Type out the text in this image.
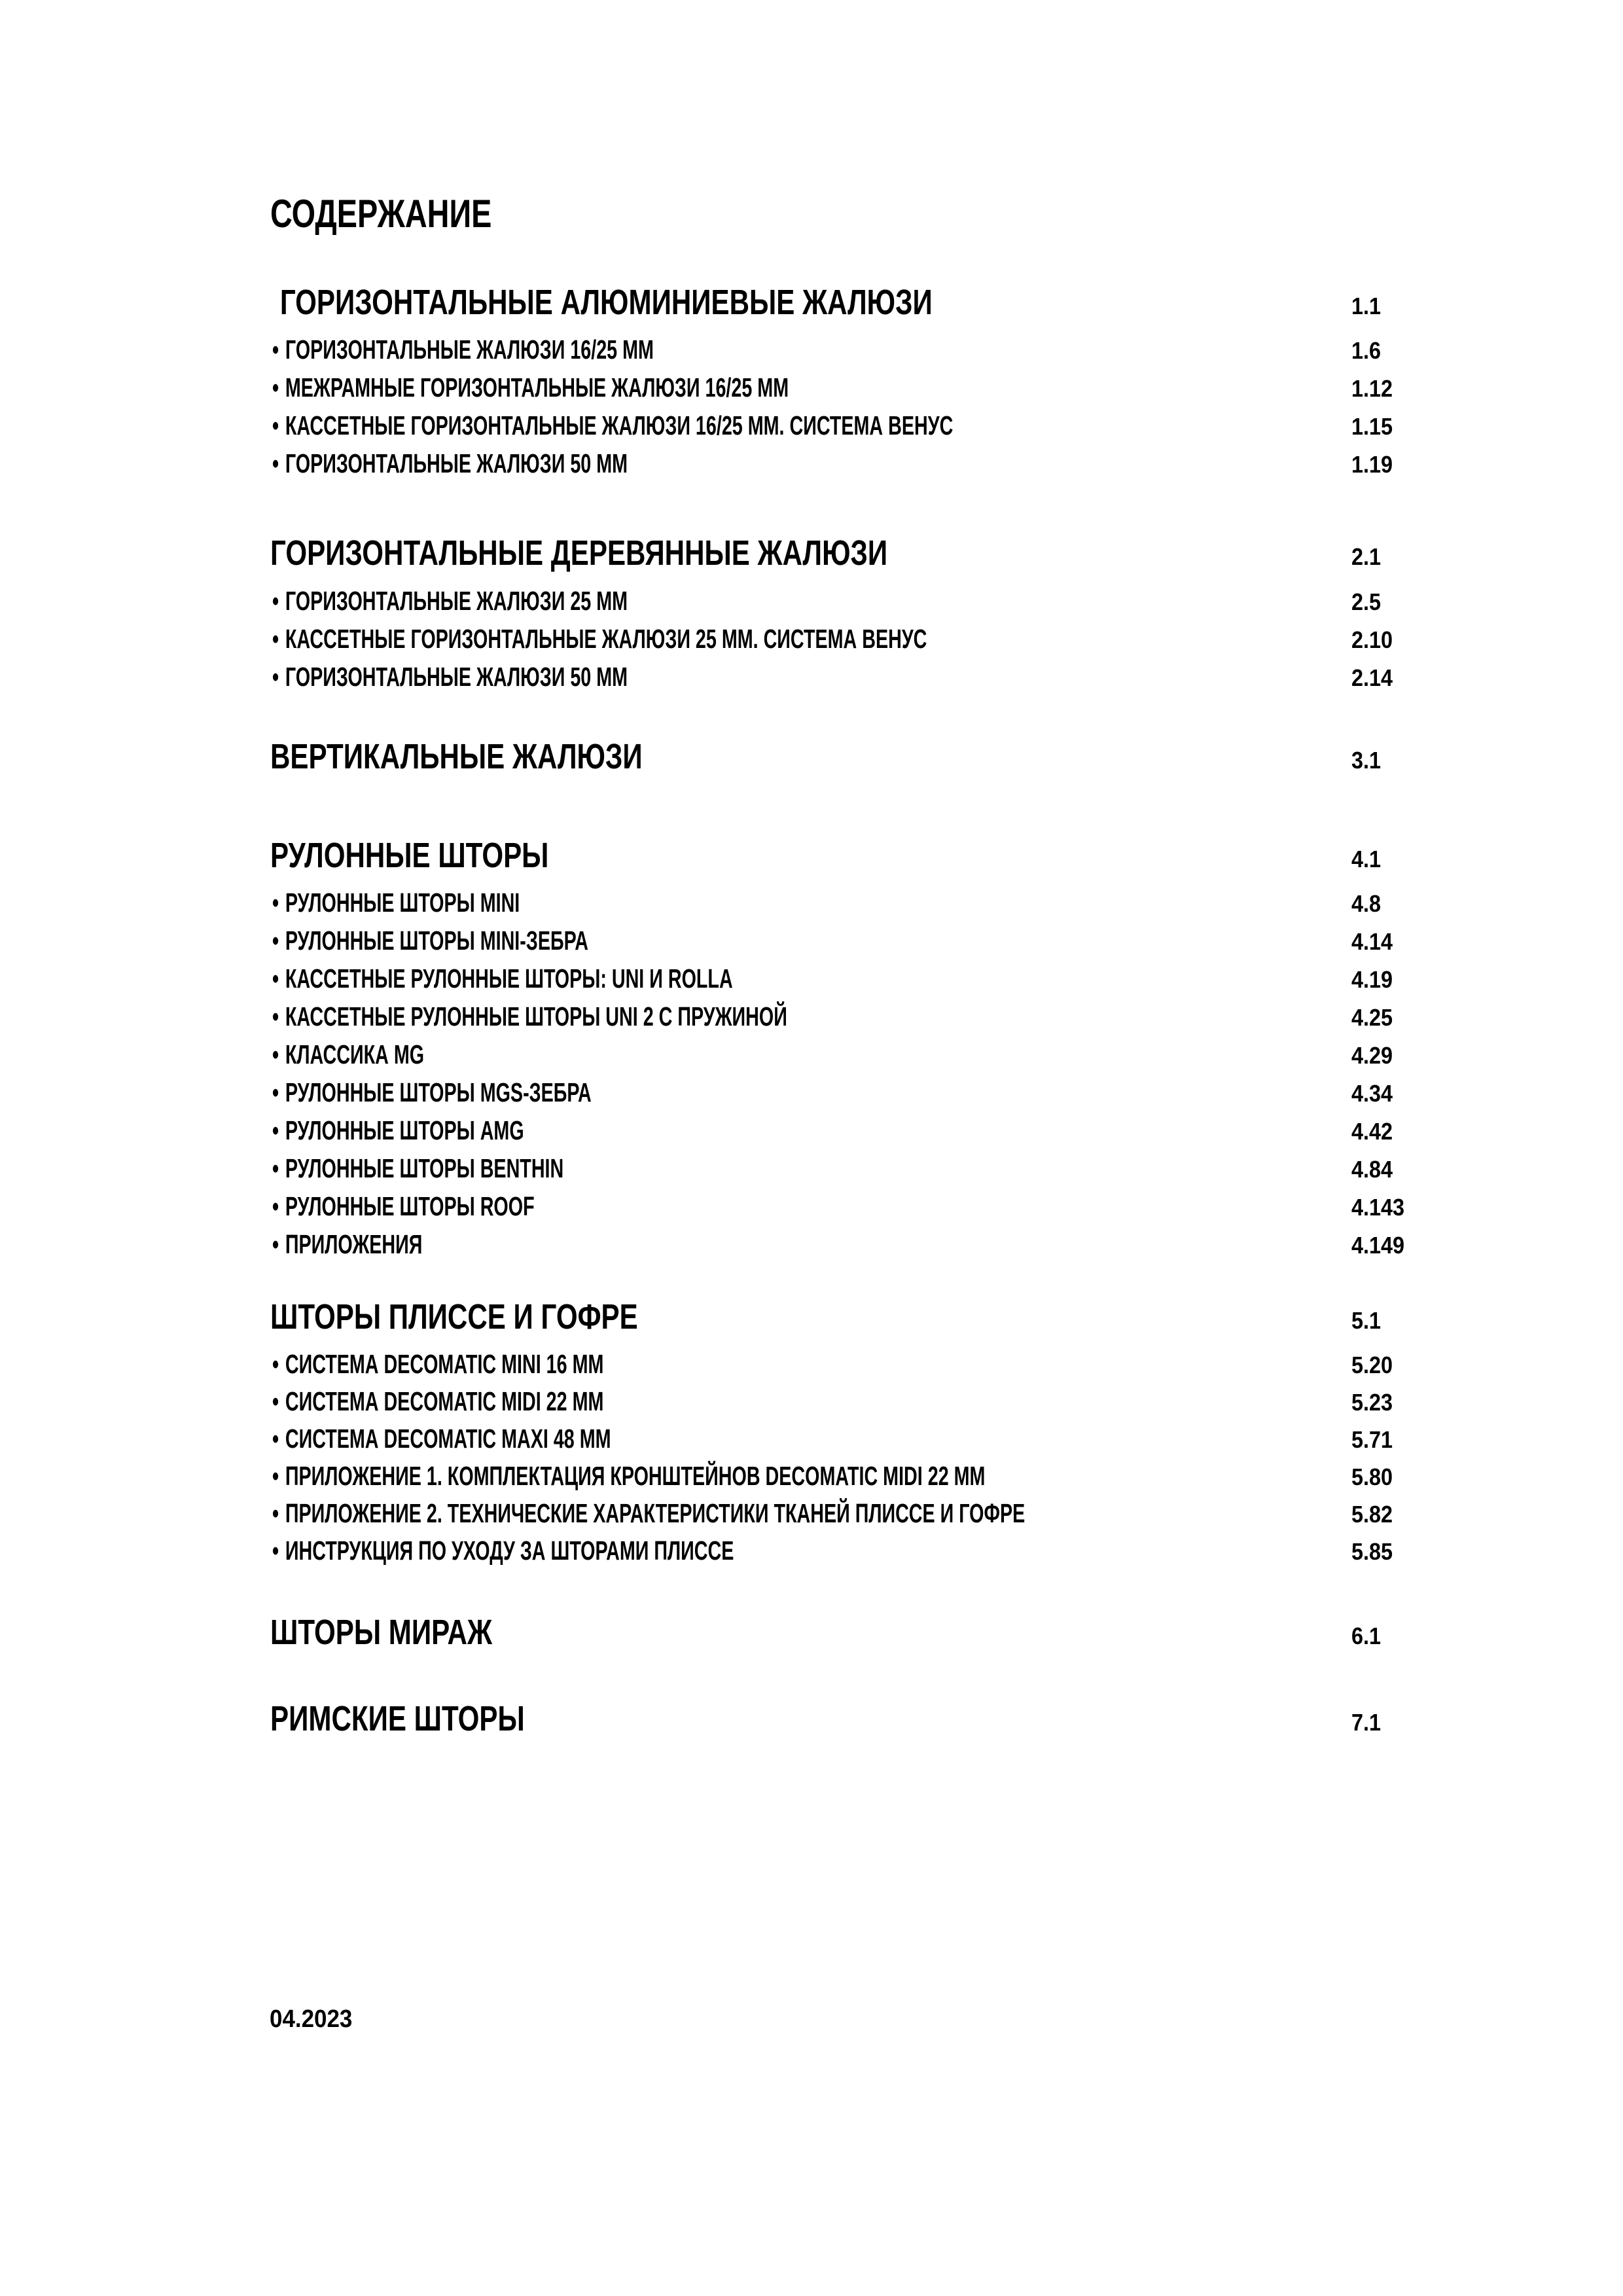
СОДЕРЖАНИЕ
ГОРИЗОНТАЛЬНЫЕ АЛЮМИНИЕВЫЕ ЖАЛЮЗИ	1.1
• ГОРИЗОНТАЛЬНЫЕ ЖАЛЮЗИ 16/25 ММ	1.6
• МЕЖРАМНЫЕ ГОРИЗОНТАЛЬНЫЕ ЖАЛЮЗИ 16/25 ММ	1.12
• КАССЕТНЫЕ ГОРИЗОНТАЛЬНЫЕ ЖАЛЮЗИ 16/25 ММ. СИСТЕМА ВЕНУС	1.15
• ГОРИЗОНТАЛЬНЫЕ ЖАЛЮЗИ 50 ММ	1.19
ГОРИЗОНТАЛЬНЫЕ ДЕРЕВЯННЫЕ ЖАЛЮЗИ	2.1
• ГОРИЗОНТАЛЬНЫЕ ЖАЛЮЗИ 25 ММ	2.5
• КАССЕТНЫЕ ГОРИЗОНТАЛЬНЫЕ ЖАЛЮЗИ 25 ММ. СИСТЕМА ВЕНУС	2.10
• ГОРИЗОНТАЛЬНЫЕ ЖАЛЮЗИ 50 ММ	2.14
ВЕРТИКАЛЬНЫЕ ЖАЛЮЗИ	3.1
РУЛОННЫЕ ШТОРЫ	4.1
• РУЛОННЫЕ ШТОРЫ MINI	4.8
• РУЛОННЫЕ ШТОРЫ MINI-ЗЕБРА	4.14
• КАССЕТНЫЕ РУЛОННЫЕ ШТОРЫ: UNI И ROLLA	4.19
• КАССЕТНЫЕ РУЛОННЫЕ ШТОРЫ UNI 2 С ПРУЖИНОЙ	4.25
• КЛАССИКА MG	4.29
• РУЛОННЫЕ ШТОРЫ MGS-ЗЕБРА	4.34
• РУЛОННЫЕ ШТОРЫ AMG	4.42
• РУЛОННЫЕ ШТОРЫ BENTHIN	4.84
• РУЛОННЫЕ ШТОРЫ ROOF	4.143
• ПРИЛОЖЕНИЯ	4.149
ШТОРЫ ПЛИССЕ И ГОФРЕ	5.1
• СИСТЕМА DECOMATIC MINI 16 ММ	5.20
• СИСТЕМА DECOMATIC MIDI 22 ММ	5.23
• СИСТЕМА DECOMATIC MAXI 48 ММ	5.71
• ПРИЛОЖЕНИЕ 1. КОМПЛЕКТАЦИЯ КРОНШТЕЙНОВ DECOMATIC MIDI 22 ММ	5.80
• ПРИЛОЖЕНИЕ 2. ТЕХНИЧЕСКИЕ ХАРАКТЕРИСТИКИ ТКАНЕЙ ПЛИССЕ И ГОФРЕ	5.82
• ИНСТРУКЦИЯ ПО УХОДУ ЗА ШТОРАМИ ПЛИССЕ	5.85
ШТОРЫ МИРАЖ	6.1
РИМСКИЕ ШТОРЫ	7.1

04.2023
